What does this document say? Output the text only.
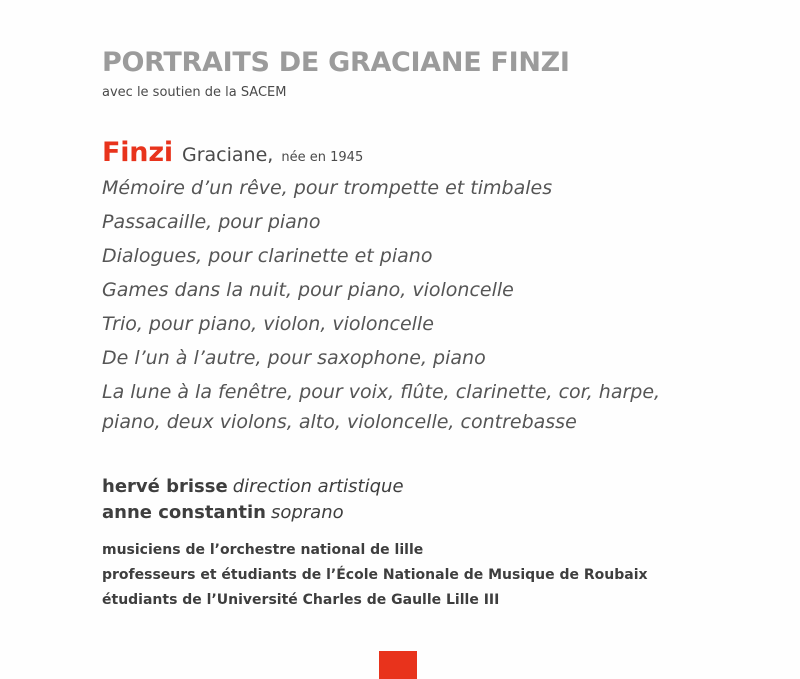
PORTRAITS DE GRACIANE FINZI
avec le soutien de la SACEM
Finzi Graciane, née en 1945
Mémoire d’un rêve, pour trompette et timbales
Passacaille, pour piano
Dialogues, pour clarinette et piano
Games dans la nuit, pour piano, violoncelle
Trio, pour piano, violon, violoncelle
De l’un à l’autre, pour saxophone, piano
La lune à la fenêtre, pour voix, flûte, clarinette, cor, harpe,
piano, deux violons, alto, violoncelle, contrebasse
hervé brisse direction artistique
anne constantin soprano
musiciens de l’orchestre national de lille
professeurs et étudiants de l’École Nationale de Musique de Roubaix
étudiants de l’Université Charles de Gaulle Lille III
